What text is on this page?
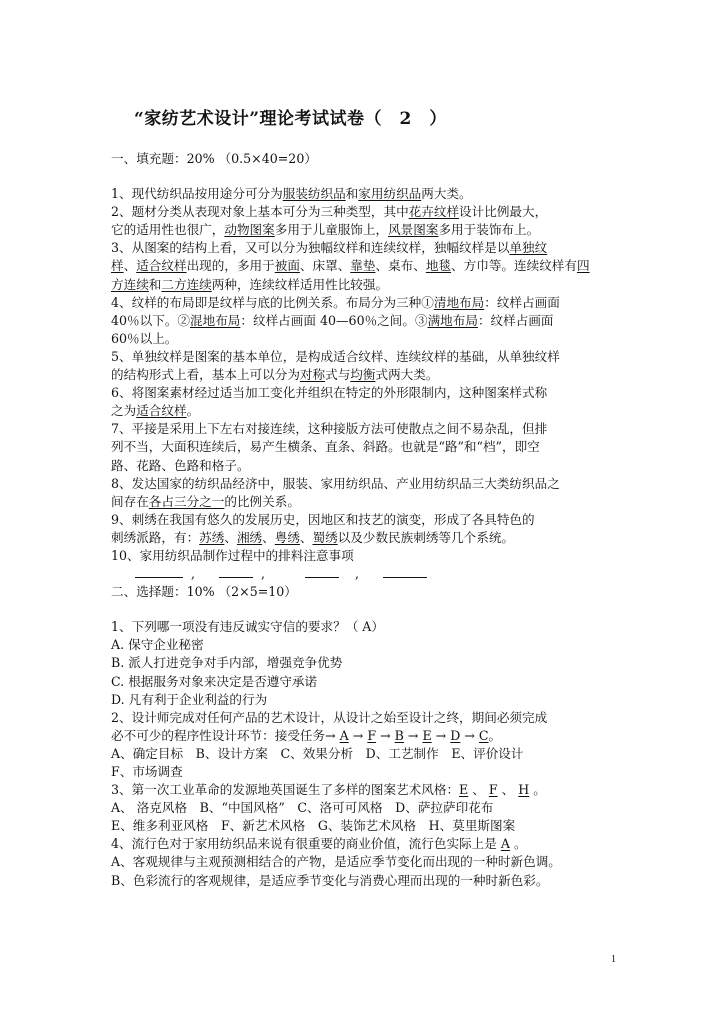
“家纺艺术设计”理论考试试卷（　2　）
一、填充题：20% （0.5×40=20）
1、现代纺织品按用途分可分为服装纺织品和家用纺织品两大类。
2、题材分类从表现对象上基本可分为三种类型，其中花卉纹样设计比例最大，
它的适用性也很广，动物图案多用于儿童服饰上，风景图案多用于装饰布上。
3、从图案的结构上看，又可以分为独幅纹样和连续纹样，独幅纹样是以单独纹
样、适合纹样出现的，多用于被面、床罩、靠垫、桌布、地毯、方巾等。连续纹样有四
方连续和二方连续两种，连续纹样适用性比较强。
4、纹样的布局即是纹样与底的比例关系。布局分为三种①清地布局：纹样占画面
40％以下。②混地布局：纹样占画面 40—60％之间。③满地布局：纹样占画面
60％以上。
5、单独纹样是图案的基本单位，是构成适合纹样、连续纹样的基础，从单独纹样
的结构形式上看，基本上可以分为对称式与均衡式两大类。
6、将图案素材经过适当加工变化并组织在特定的外形限制内，这种图案样式称
之为适合纹样。
7、平接是采用上下左右对接连续，这种接版方法可使散点之间不易杂乱，但排
列不当，大面积连续后，易产生横条、直条、斜路。也就是“路”和“档”，即空
路、花路、色路和格子。
8、发达国家的纺织品经济中，服装、家用纺织品、产业用纺织品三大类纺织品之
间存在各占三分之一的比例关系。
9、刺绣在我国有悠久的发展历史，因地区和技艺的演变，形成了各具特色的
刺绣派路，有：苏绣、湘绣、粤绣、蜀绣以及少数民族刺绣等几个系统。
10、家用纺织品制作过程中的排料注意事项
,	,	,
二、选择题：10% （2×5=10）
1、下列哪一项没有违反诚实守信的要求？（ A）
A. 保守企业秘密
B. 派人打进竞争对手内部，增强竞争优势
C. 根据服务对象来决定是否遵守承诺
D. 凡有利于企业利益的行为
2、设计师完成对任何产品的艺术设计，从设计之始至设计之终，期间必须完成
必不可少的程序性设计环节：接受任务→ A → F → B → E → D → C。
A、确定目标　B、设计方案　C、效果分析　D、工艺制作　E、评价设计
F、市场调查
3、第一次工业革命的发源地英国诞生了多样的图案艺术风格：E 、 F 、 H 。
A、 洛克风格　B、“中国风格”　C、洛可可风格　D、萨拉萨印花布
E、维多利亚风格　F、新艺术风格　G、装饰艺术风格　H、莫里斯图案
4、流行色对于家用纺织品来说有很重要的商业价值，流行色实际上是 A 。
A、客观规律与主观预测相结合的产物，是适应季节变化而出现的一种时新色调。
B、色彩流行的客观规律，是适应季节变化与消费心理而出现的一种时新色彩。
1
